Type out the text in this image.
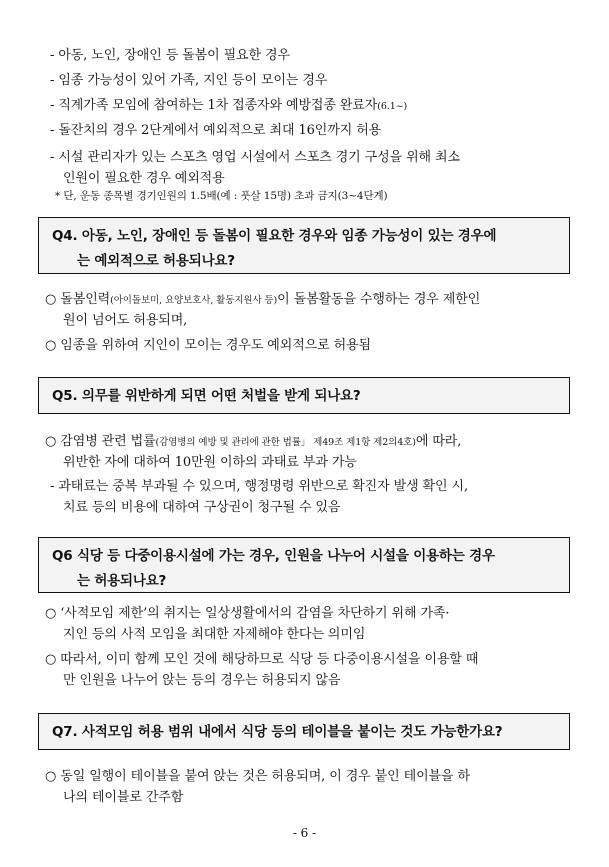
- 아동, 노인, 장애인 등 돌봄이 필요한 경우
- 임종 가능성이 있어 가족, 지인 등이 모이는 경우
- 직계가족 모임에 참여하는 1차 접종자와 예방접종 완료자(6.1~)
- 돌잔치의 경우 2단계에서 예외적으로 최대 16인까지 허용
- 시설 관리자가 있는 스포츠 영업 시설에서 스포츠 경기 구성을 위해 최소
인원이 필요한 경우 예외적용
* 단, 운동 종목별 경기인원의 1.5배(예 : 풋살 15명) 초과 금지(3~4단계)
Q4. 아동, 노인, 장애인 등 돌봄이 필요한 경우와 임종 가능성이 있는 경우에
는 예외적으로 허용되나요?
○ 돌봄인력(아이돌보미, 요양보호사, 활동지원사 등)이 돌봄활동을 수행하는 경우 제한인
원이 넘어도 허용되며,
○ 임종을 위하여 지인이 모이는 경우도 예외적으로 허용됨
Q5. 의무를 위반하게 되면 어떤 처벌을 받게 되나요?
○ 감염병 관련 법률(감염병의 예방 및 관리에 관한 법률」 제49조 제1항 제2의4호)에 따라,
위반한 자에 대하여 10만원 이하의 과태료 부과 가능
- 과태료는 중복 부과될 수 있으며, 행정명령 위반으로 확진자 발생 확인 시,
치료 등의 비용에 대하여 구상권이 청구될 수 있음
Q6 식당 등 다중이용시설에 가는 경우, 인원을 나누어 시설을 이용하는 경우
는 허용되나요?
○ ‘사적모임 제한’의 취지는 일상생활에서의 감염을 차단하기 위해 가족·
지인 등의 사적 모임을 최대한 자제해야 한다는 의미임
○ 따라서, 이미 함께 모인 것에 해당하므로 식당 등 다중이용시설을 이용할 때
만 인원을 나누어 앉는 등의 경우는 허용되지 않음
Q7. 사적모임 허용 범위 내에서 식당 등의 테이블을 붙이는 것도 가능한가요?
○ 동일 일행이 테이블을 붙여 앉는 것은 허용되며, 이 경우 붙인 테이블을 하
나의 테이블로 간주함
- 6 -
